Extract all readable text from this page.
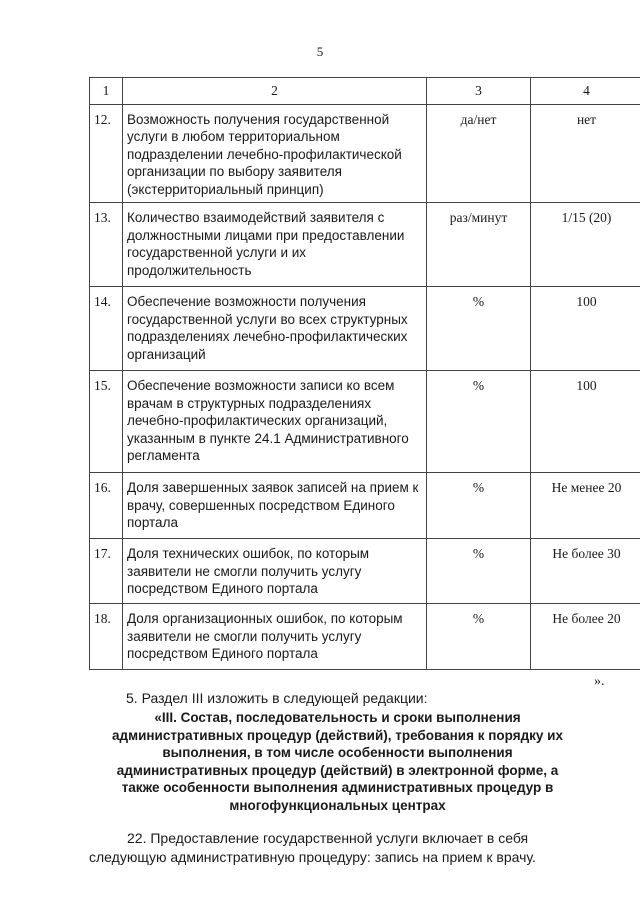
5
1	2	3	4
12.	Возможность получения государственной услуги в любом территориальном подразделении лечебно-профилактической организации по выбору заявителя (экстерриториальный принцип)	да/нет	нет
13.	Количество взаимодействий заявителя с должностными лицами при предоставлении государственной услуги и их продолжительность	раз/минут	1/15 (20)
14.	Обеспечение возможности получения государственной услуги во всех структурных подразделениях лечебно-профилактических организаций	%	100
15.	Обеспечение возможности записи ко всем врачам в структурных подразделениях лечебно-профилактических организаций, указанным в пункте 24.1 Административного регламента	%	100
16.	Доля завершенных заявок записей на прием к врачу, совершенных посредством Единого портала	%	Не менее 20
17.	Доля технических ошибок, по которым заявители не смогли получить услугу посредством Единого портала	%	Не более 30
18.	Доля организационных ошибок, по которым заявители не смогли получить услугу посредством Единого портала	%	Не более 20
».
5. Раздел III изложить в следующей редакции:
«III. Состав, последовательность и сроки выполнения административных процедур (действий), требования к порядку их выполнения, в том числе особенности выполнения административных процедур (действий) в электронной форме, а также особенности выполнения административных процедур в многофункциональных центрах
22. Предоставление государственной услуги включает в себя следующую административную процедуру: запись на прием к врачу.
